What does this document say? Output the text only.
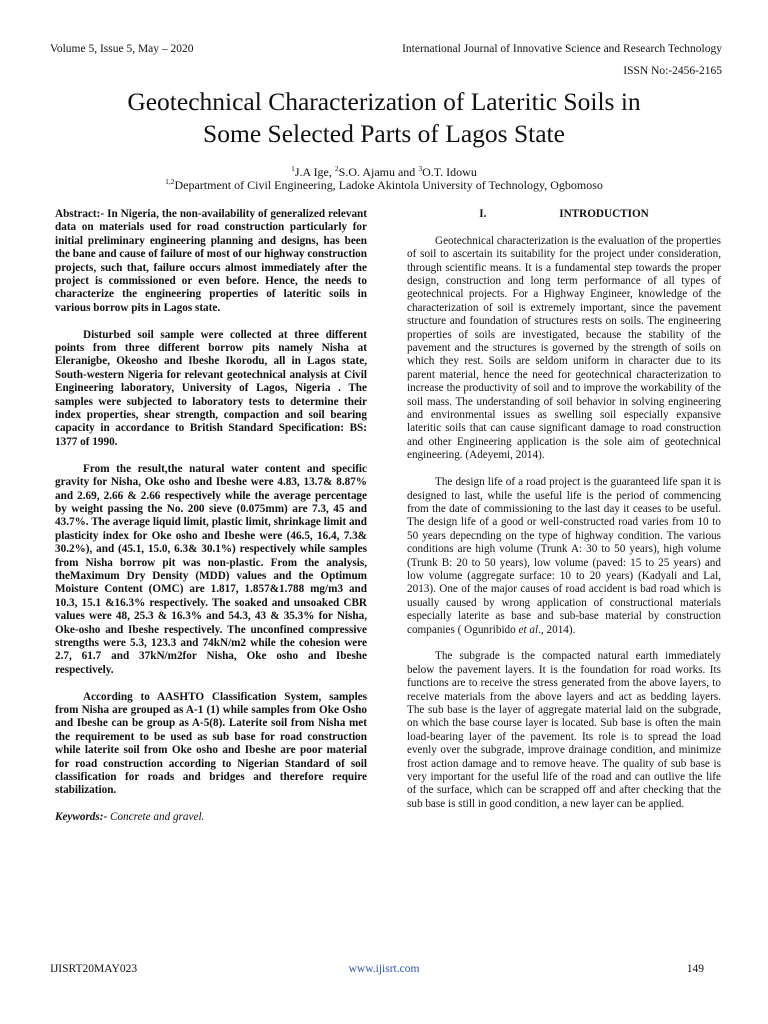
Volume 5, Issue 5, May – 2020	International Journal of Innovative Science and Research Technology
ISSN No:-2456-2165
Geotechnical Characterization of Lateritic Soils in
Some Selected Parts of Lagos State
$^1$J.A Ige, $^2$S.O. Ajamu and $^3$O.T. Idowu
$^{1,2}$Department of Civil Engineering, Ladoke Akintola University of Technology, Ogbomoso

Abstract:- In Nigeria, the non-availability of generalized relevant data on materials used for road construction particularly for initial preliminary engineering planning and designs, has been the bane and cause of failure of most of our highway construction projects, such that, failure occurs almost immediately after the project is commissioned or even before. Hence, the needs to characterize the engineering properties of lateritic soils in various borrow pits in Lagos state.

Disturbed soil sample were collected at three different points from three different borrow pits namely Nisha at Eleranigbe, Okeosho and Ibeshe Ikorodu, all in Lagos state, South-western Nigeria for relevant geotechnical analysis at Civil Engineering laboratory, University of Lagos, Nigeria . The samples were subjected to laboratory tests to determine their index properties, shear strength, compaction and soil bearing capacity in accordance to British Standard Specification: BS: 1377 of 1990.

From the result,the natural water content and specific gravity for Nisha, Oke osho and Ibeshe were 4.83, 13.7& 8.87% and 2.69, 2.66 & 2.66 respectively while the average percentage by weight passing the No. 200 sieve (0.075mm) are 7.3, 45 and 43.7%. The average liquid limit, plastic limit, shrinkage limit and plasticity index for Oke osho and Ibeshe were (46.5, 16.4, 7.3& 30.2%), and (45.1, 15.0, 6.3& 30.1%) respectively while samples from Nisha borrow pit was non-plastic. From the analysis, theMaximum Dry Density (MDD) values and the Optimum Moisture Content (OMC) are 1.817, 1.857&1.788 mg/m3 and 10.3, 15.1 &16.3% respectively. The soaked and unsoaked CBR values were 48, 25.3 & 16.3% and 54.3, 43 & 35.3% for Nisha, Oke-osho and Ibeshe respectively. The unconfined compressive strengths were 5.3, 123.3 and 74kN/m2 while the cohesion were 2.7, 61.7 and 37kN/m2for Nisha, Oke osho and Ibeshe respectively.

According to AASHTO Classification System, samples from Nisha are grouped as A-1 (1) while samples from Oke Osho and Ibeshe can be group as A-5(8). Laterite soil from Nisha met the requirement to be used as sub base for road construction while laterite soil from Oke osho and Ibeshe are poor material for road construction according to Nigerian Standard of soil classification for roads and bridges and therefore require stabilization.

Keywords:- Concrete and gravel.

I.	INTRODUCTION

Geotechnical characterization is the evaluation of the properties of soil to ascertain its suitability for the project under consideration, through scientific means. It is a fundamental step towards the proper design, construction and long term performance of all types of geotechnical projects. For a Highway Engineer, knowledge of the characterization of soil is extremely important, since the pavement structure and foundation of structures rests on soils. The engineering properties of soils are investigated, because the stability of the pavement and the structures is governed by the strength of soils on which they rest. Soils are seldom uniform in character due to its parent material, hence the need for geotechnical characterization to increase the productivity of soil and to improve the workability of the soil mass. The understanding of soil behavior in solving engineering and environmental issues as swelling soil especially expansive lateritic soils that can cause significant damage to road construction and other Engineering application is the sole aim of geotechnical engineering. (Adeyemi, 2014).

The design life of a road project is the guaranteed life span it is designed to last, while the useful life is the period of commencing from the date of commissioning to the last day it ceases to be useful. The design life of a good or well-constructed road varies from 10 to 50 years depecnding on the type of highway condition. The various conditions are high volume (Trunk A: 30 to 50 years), high volume (Trunk B: 20 to 50 years), low volume (paved: 15 to 25 years) and low volume (aggregate surface: 10 to 20 years) (Kadyali and Lal, 2013). One of the major causes of road accident is bad road which is usually caused by wrong application of constructional materials especially laterite as base and sub-base material by construction companies ( Ogunribido et al., 2014).

The subgrade is the compacted natural earth immediately below the pavement layers. It is the foundation for road works. Its functions are to receive the stress generated from the above layers, to receive materials from the above layers and act as bedding layers. The sub base is the layer of aggregate material laid on the subgrade, on which the base course layer is located. Sub base is often the main load-bearing layer of the pavement. Its role is to spread the load evenly over the subgrade, improve drainage condition, and minimize frost action damage and to remove heave. The quality of sub base is very important for the useful life of the road and can outlive the life of the surface, which can be scrapped off and after checking that the sub base is still in good condition, a new layer can be applied.

IJISRT20MAY023	www.ijisrt.com	149
